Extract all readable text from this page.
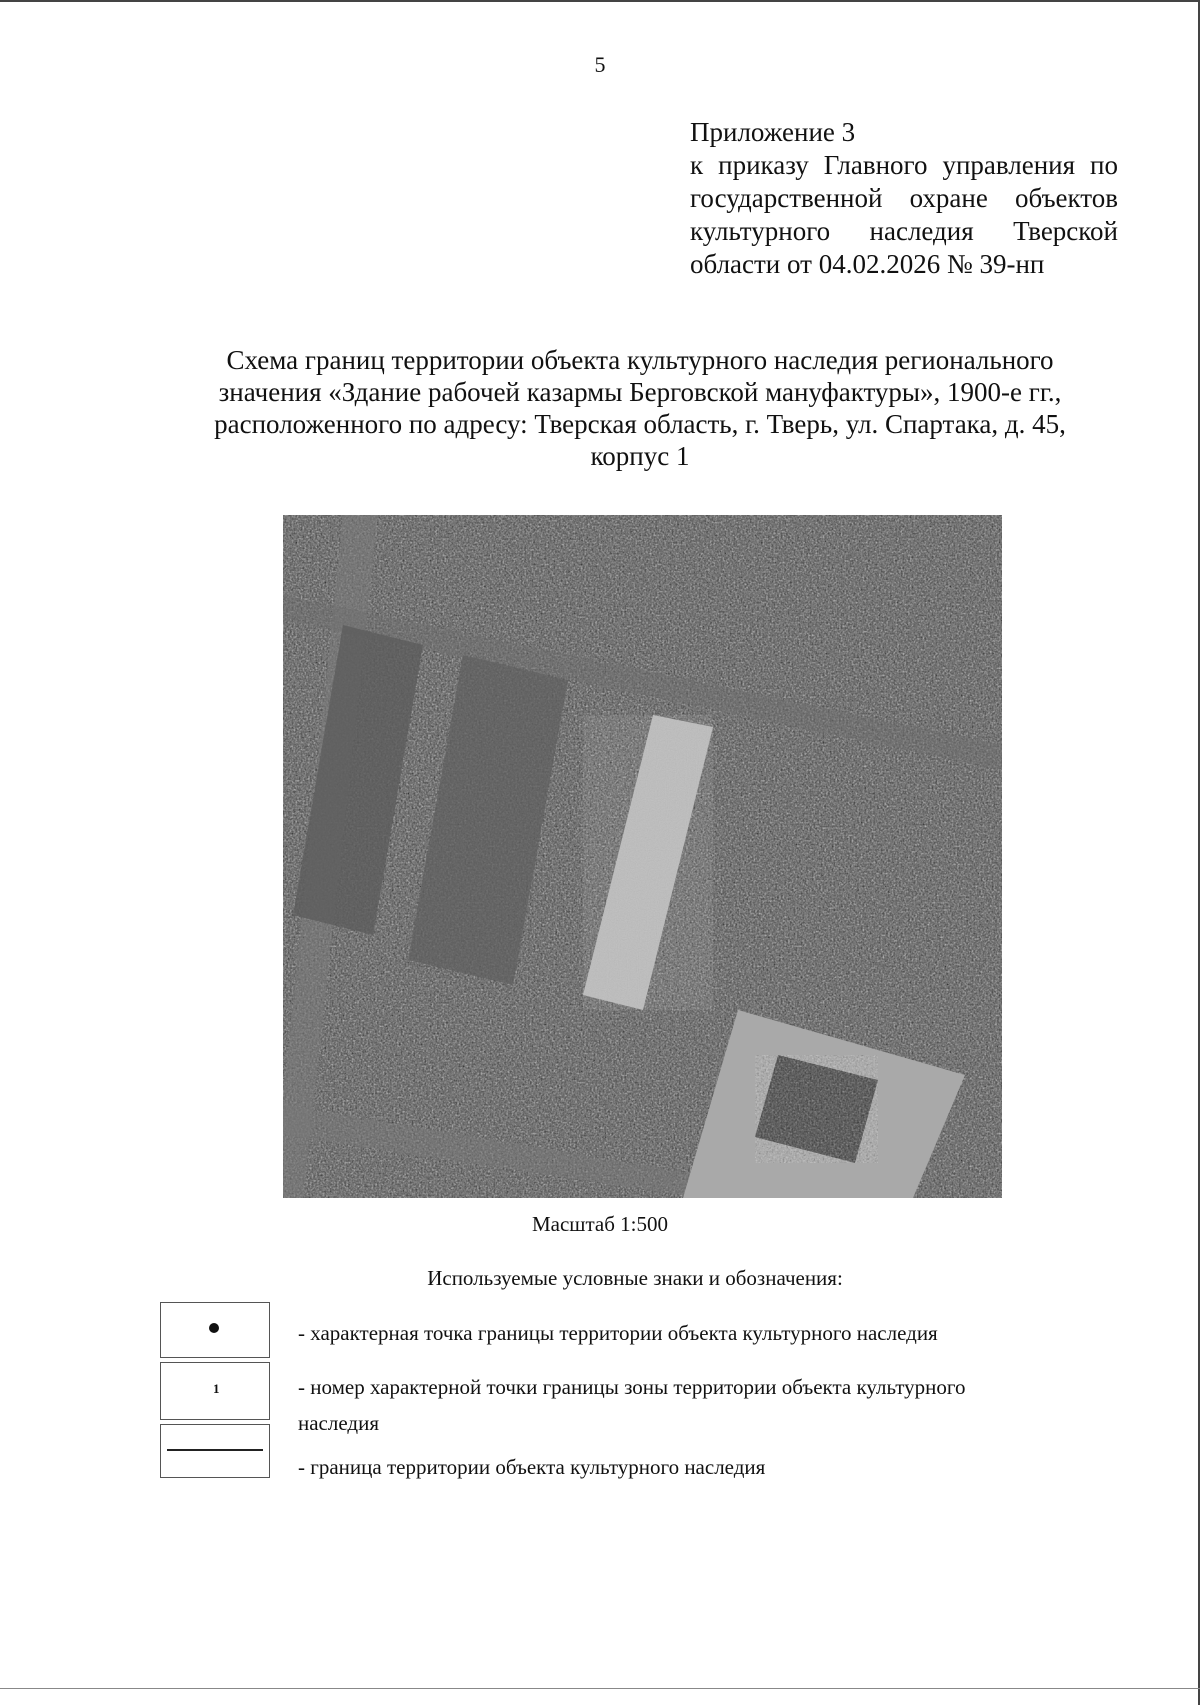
5
Приложение 3
к приказу Главного управления по
государственной охране объектов
культурного наследия Тверской
области от 04.02.2026 № 39-нп
Схема границ территории объекта культурного наследия регионального
значения «Здание рабочей казармы Берговской мануфактуры», 1900-е гг.,
расположенного по адресу: Тверская область, г. Тверь, ул. Спартака, д. 45,
корпус 1
Масштаб 1:500
Используемые условные знаки и обозначения:
1
- характерная точка границы территории объекта культурного наследия
- номер характерной точки границы зоны территории объекта культурного
наследия
- граница территории объекта культурного наследия
